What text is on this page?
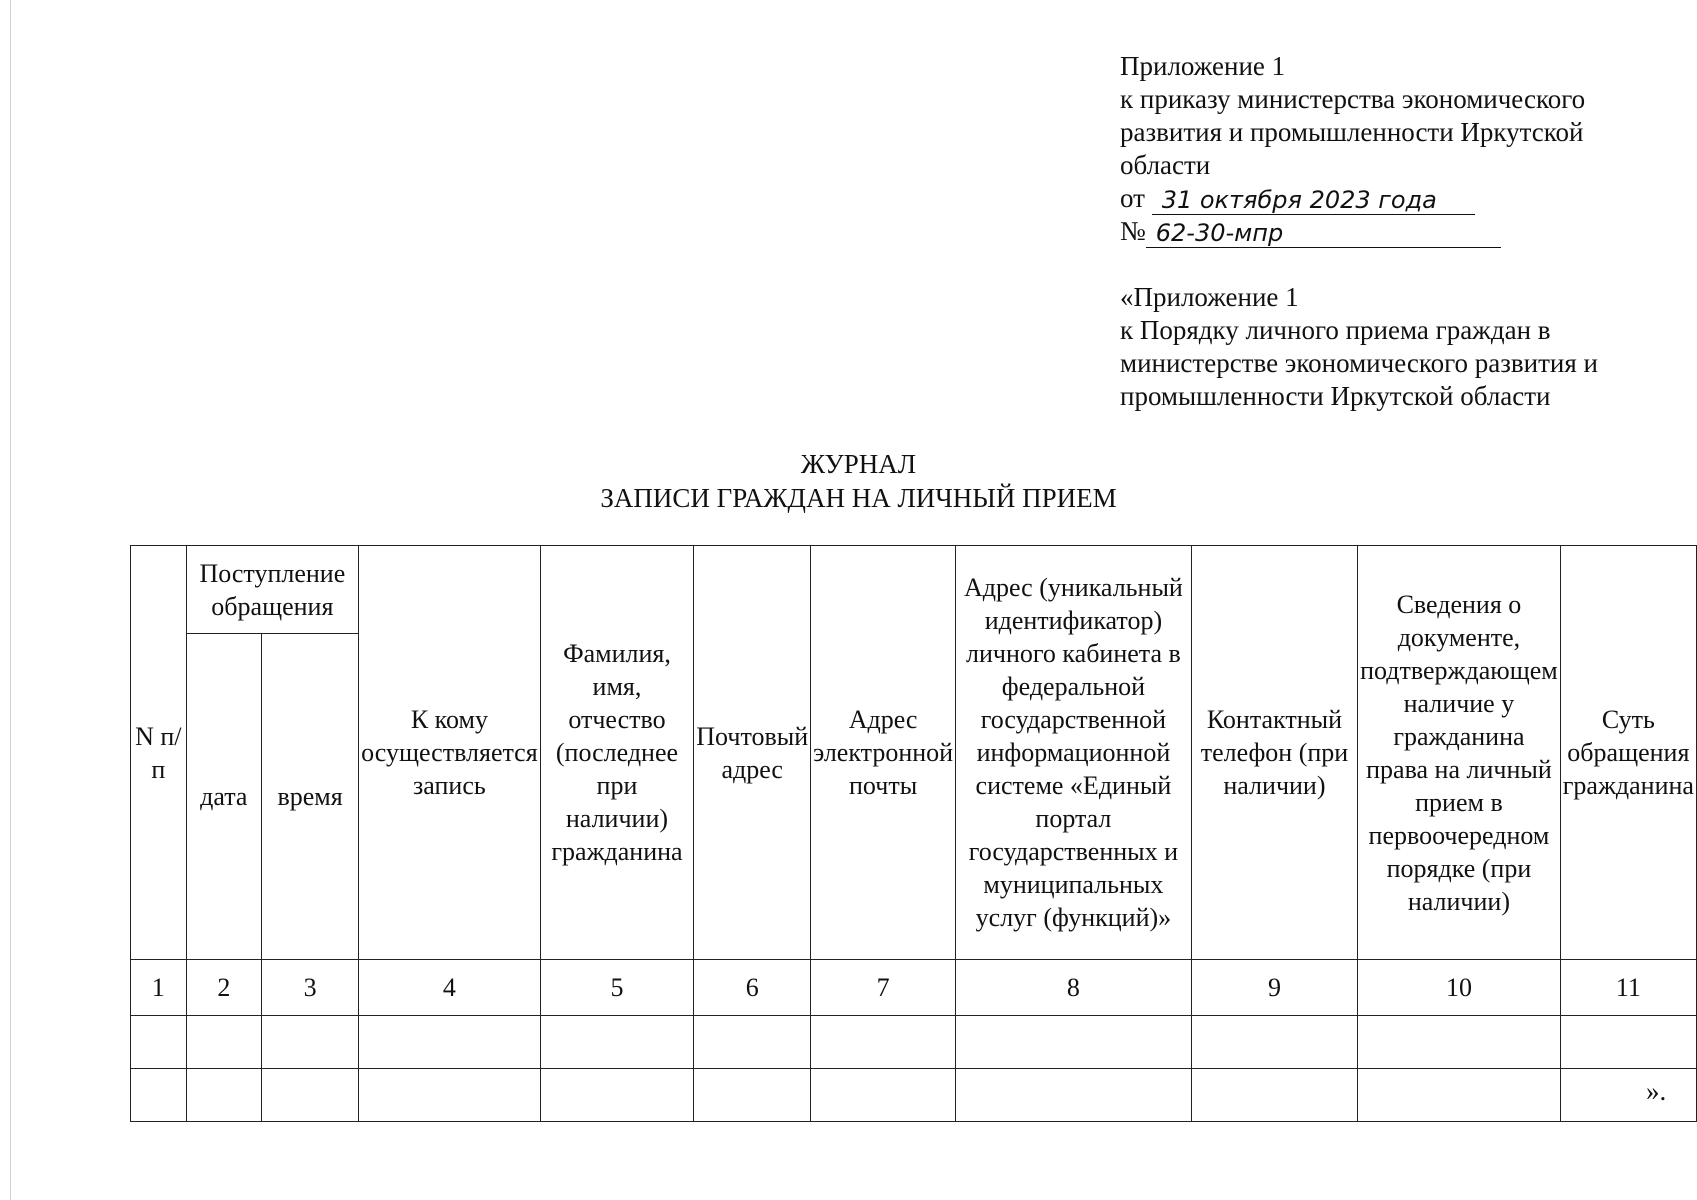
Приложение 1
к приказу министерства экономического
развития и промышленности Иркутской
области
от
31 октября 2023 года
№ 62-30-мпр
«Приложение 1
к Порядку личного приема граждан в
министерстве экономического развития и
промышленности Иркутской области
ЖУРНАЛ
ЗАПИСИ ГРАЖДАН НА ЛИЧНЫЙ ПРИЕМ
N п/п	Поступление обращения		К кому осуществляется запись	Фамилия, имя, отчество (последнее при наличии) гражданина	Почтовый адрес	Адрес электронной почты	Адрес (уникальный идентификатор) личного кабинета в федеральной государственной информационной системе «Единый портал государственных и муниципальных услуг (функций)»	Контактный телефон (при наличии)	Сведения о документе, подтверждающем наличие у гражданина права на личный прием в первоочередном порядке (при наличии)	Суть обращения гражданина
	дата	время								
1	2	3	4	5	6	7	8	9	10	11

».
